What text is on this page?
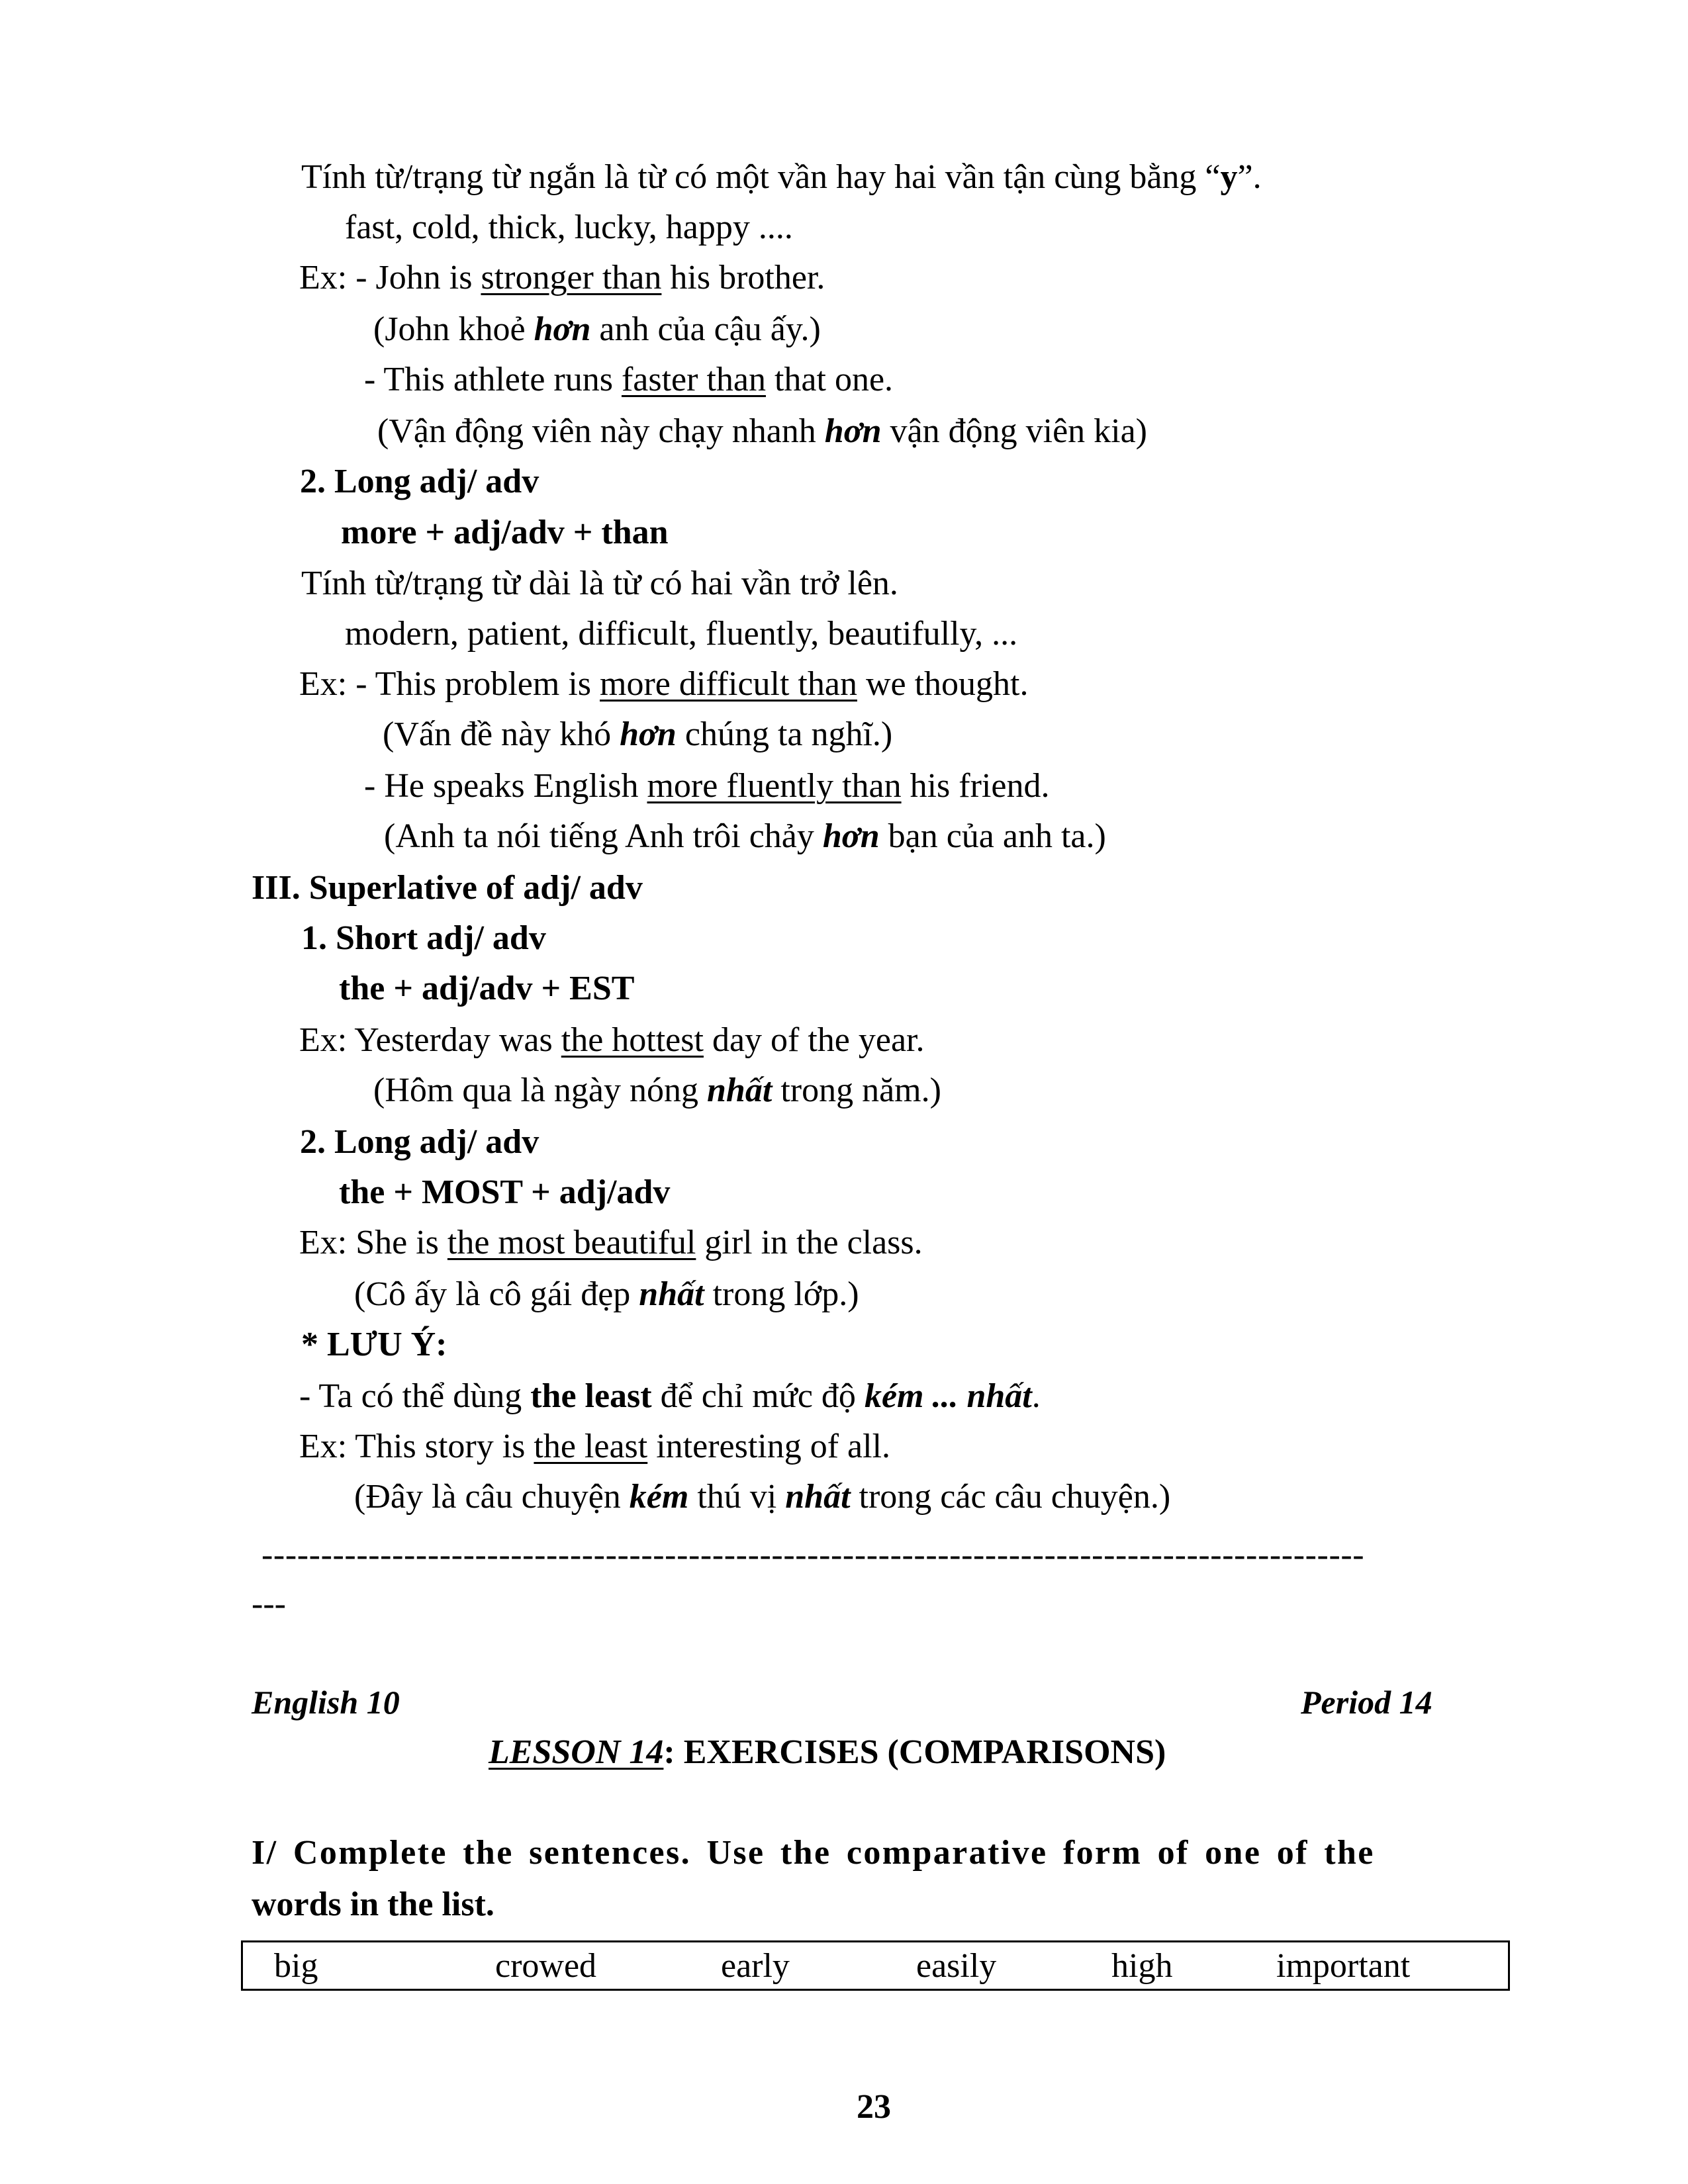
Tính từ/trạng từ ngắn là từ có một vần hay hai vần tận cùng bằng “y”.
fast, cold, thick, lucky, happy ....
Ex: - John is stronger than his brother.
(John khoẻ hơn anh của cậu ấy.)
- This athlete runs faster than that one.
(Vận động viên này chạy nhanh hơn vận động viên kia)
2. Long adj/ adv
more + adj/adv + than
Tính từ/trạng từ dài là từ có hai vần trở lên.
modern, patient, difficult, fluently, beautifully, ...
Ex: - This problem is more difficult than we thought.
(Vấn đề này khó hơn chúng ta nghĩ.)
- He speaks English more fluently than his friend.
(Anh ta nói tiếng Anh trôi chảy hơn bạn của anh ta.)
III. Superlative of adj/ adv
1. Short adj/ adv
the + adj/adv + EST
Ex: Yesterday was the hottest day of the year.
(Hôm qua là ngày nóng nhất trong năm.)
2. Long adj/ adv
the + MOST + adj/adv
Ex: She is the most beautiful girl in the class.
(Cô ấy là cô gái đẹp nhất trong lớp.)
* LƯU Ý:
- Ta có thể dùng the least để chỉ mức độ kém ... nhất.
Ex: This story is the least interesting of all.
(Đây là câu chuyện kém thú vị nhất trong các câu chuyện.)
---------------------------------------------------------------------------------------------
---
English 10	Period 14
LESSON 14: EXERCISES (COMPARISONS)
I/ Complete the sentences. Use the comparative form of one of the
words in the list.
big	crowed	early	easily	high	important
23
